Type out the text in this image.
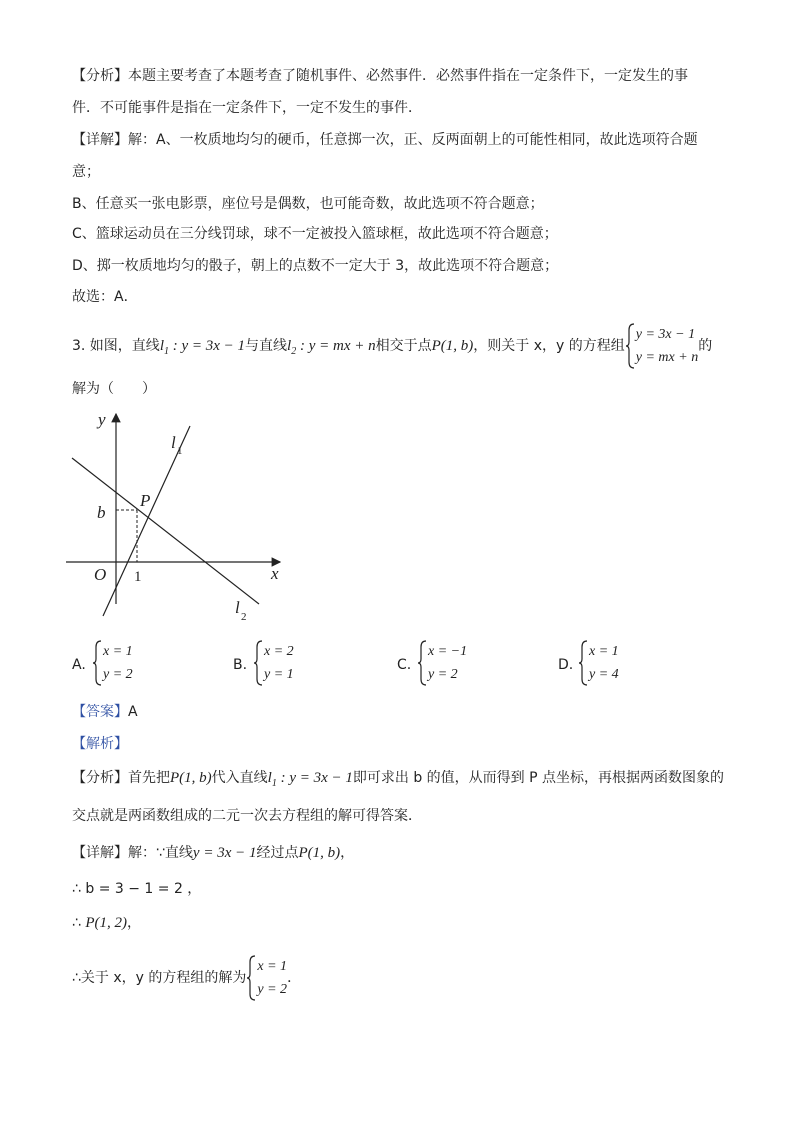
【分析】本题主要考查了本题考查了随机事件、必然事件．必然事件指在一定条件下，一定发生的事
件．不可能事件是指在一定条件下，一定不发生的事件．
【详解】解：A、一枚质地均匀的硬币，任意掷一次，正、反两面朝上的可能性相同，故此选项符合题
意；
B、任意买一张电影票，座位号是偶数，也可能奇数，故此选项不符合题意；
C、篮球运动员在三分线罚球，球不一定被投入篮球框，故此选项不符合题意；
D、掷一枚质地均匀的骰子，朝上的点数不一定大于 3，故此选项不符合题意；
故选：A．
3. 如图，直线$l_1$ : y = 3x − 1与直线$l_2$ : y = mx + n相交于点P(1, b)，则关于 x，y 的方程组
y = 3x − 1
y = mx + n
的
解为（　　）
y
x
O
b
P
l
l
1
2
1
A.
x = 1
y = 2
B.
x = 2
y = 1
C.
x = −1
y = 2
D.
x = 1
y = 4
【答案】A
【解析】
【分析】首先把P(1, b)代入直线$l_1$ : y = 3x − 1即可求出 b 的值，从而得到 P 点坐标，再根据两函数图象的
交点就是两函数组成的二元一次去方程组的解可得答案．
【详解】解：∵直线y = 3x − 1经过点P(1, b)，
∴ b = 3 − 1 = 2 ，
∴ P(1, 2)，
∴关于 x，y 的方程组的解为
x = 1
y = 2
．
